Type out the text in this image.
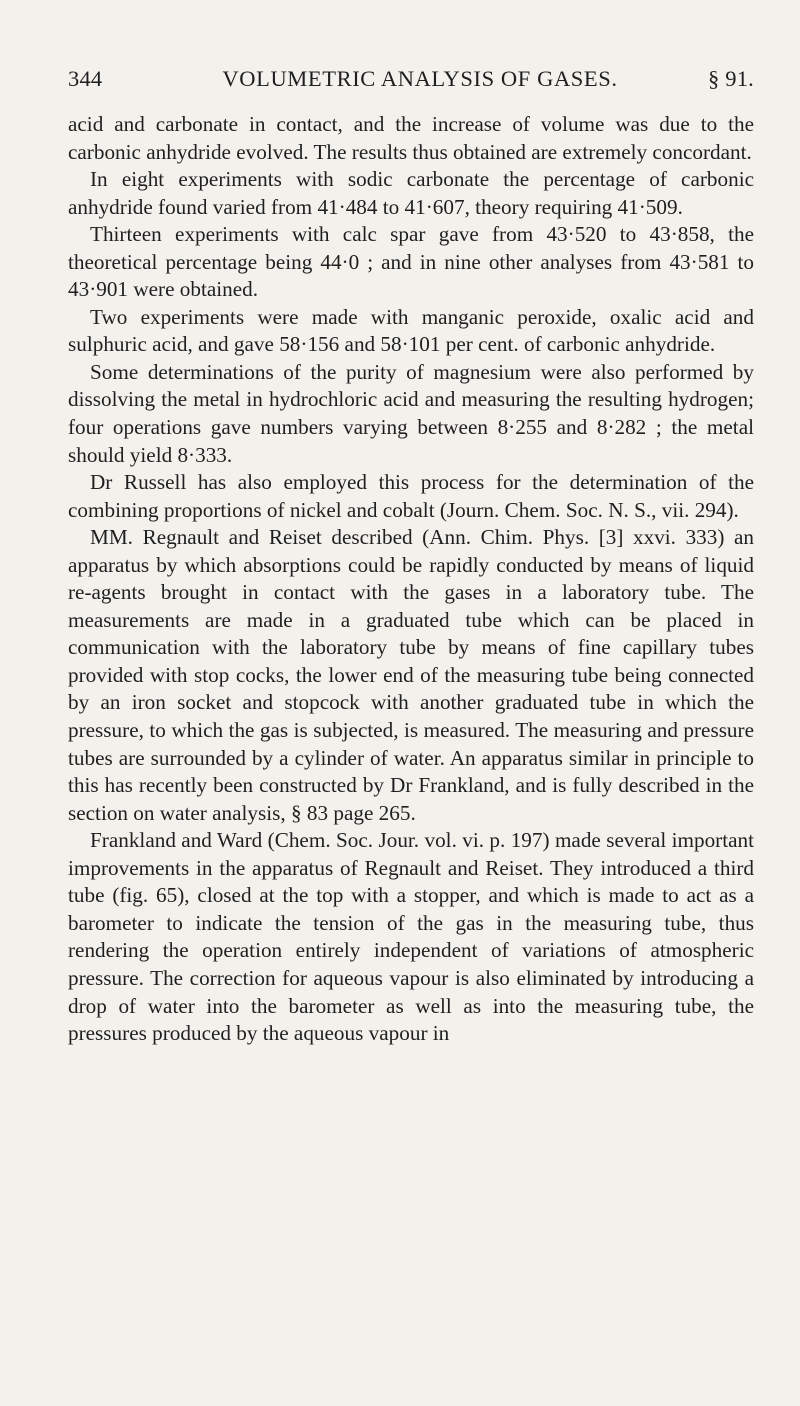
344	VOLUMETRIC ANALYSIS OF GASES.	§ 91.

acid and carbonate in contact, and the increase of volume was due to the carbonic anhydride evolved. The results thus obtained are extremely concordant.

In eight experiments with sodic carbonate the percentage of carbonic anhydride found varied from 41·484 to 41·607, theory requiring 41·509.

Thirteen experiments with calc spar gave from 43·520 to 43·858, the theoretical percentage being 44·0 ; and in nine other analyses from 43·581 to 43·901 were obtained.

Two experiments were made with manganic peroxide, oxalic acid and sulphuric acid, and gave 58·156 and 58·101 per cent. of carbonic anhydride.

Some determinations of the purity of magnesium were also performed by dissolving the metal in hydrochloric acid and measuring the resulting hydrogen; four operations gave numbers varying between 8·255 and 8·282 ; the metal should yield 8·333.

Dr Russell has also employed this process for the determination of the combining proportions of nickel and cobalt (Journ. Chem. Soc. N. S., vii. 294).

MM. Regnault and Reiset described (Ann. Chim. Phys. [3] xxvi. 333) an apparatus by which absorptions could be rapidly conducted by means of liquid re-agents brought in contact with the gases in a laboratory tube. The measurements are made in a graduated tube which can be placed in communication with the laboratory tube by means of fine capillary tubes provided with stop cocks, the lower end of the measuring tube being connected by an iron socket and stopcock with another graduated tube in which the pressure, to which the gas is subjected, is measured. The measuring and pressure tubes are surrounded by a cylinder of water. An apparatus similar in principle to this has recently been constructed by Dr Frankland, and is fully described in the section on water analysis, § 83 page 265.

Frankland and Ward (Chem. Soc. Jour. vol. vi. p. 197) made several important improvements in the apparatus of Regnault and Reiset. They introduced a third tube (fig. 65), closed at the top with a stopper, and which is made to act as a barometer to indicate the tension of the gas in the measuring tube, thus rendering the operation entirely independent of variations of atmospheric pressure. The correction for aqueous vapour is also eliminated by introducing a drop of water into the barometer as well as into the measuring tube, the pressures produced by the aqueous vapour in
